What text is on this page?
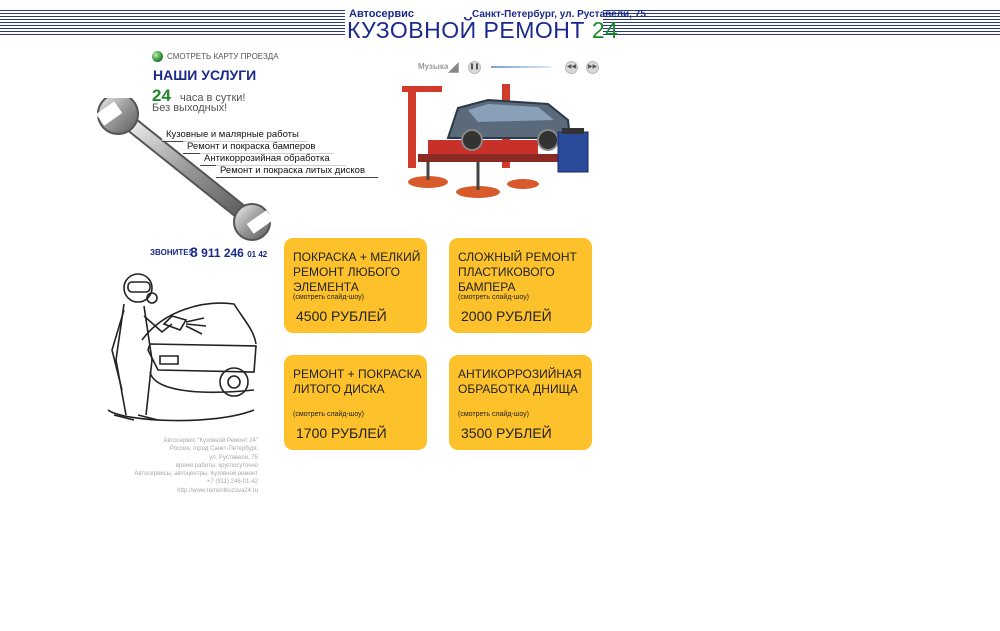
Автосервис	Санкт-Петербург, ул. Руставели, 75
КУЗОВНОЙ РЕМОНТ 24
СМОТРЕТЬ КАРТУ ПРОЕЗДА
НАШИ УСЛУГИ
24 часа в сутки!
Без выходных!
Кузовные и малярные работы
Ремонт и покраска бамперов
Антикоррозийная обработка
Ремонт и покраска литых дисков
Музыка ◢ ❚❚	◀◀	▶▶
ЗВОНИТЕ!
8 911 246 01 42 ПОКРАСКА + МЕЛКИЙ РЕМОНТ ЛЮБОГО ЭЛЕМЕНТА
(смотреть слайд-шоу)
4500 РУБЛЕЙ
СЛОЖНЫЙ РЕМОНТ ПЛАСТИКОВОГО БАМПЕРА
(смотреть слайд-шоу)
2000 РУБЛЕЙ
РЕМОНТ + ПОКРАСКА ЛИТОГО ДИСКА
(смотреть слайд-шоу)
1700 РУБЛЕЙ
АНТИКОРРОЗИЙНАЯ ОБРАБОТКА ДНИЩА
(смотреть слайд-шоу)
3500 РУБЛЕЙ
Автосервис "Кузовной Ремонт 24"
Россия, город Санкт-Петербург,
ул. Руставели, 75
время работы: круглосуточно
Автосервисы, автоцентры, Кузовной ремонт
+7 (911) 246-01-42
http://www.remontkuzova24.ru
